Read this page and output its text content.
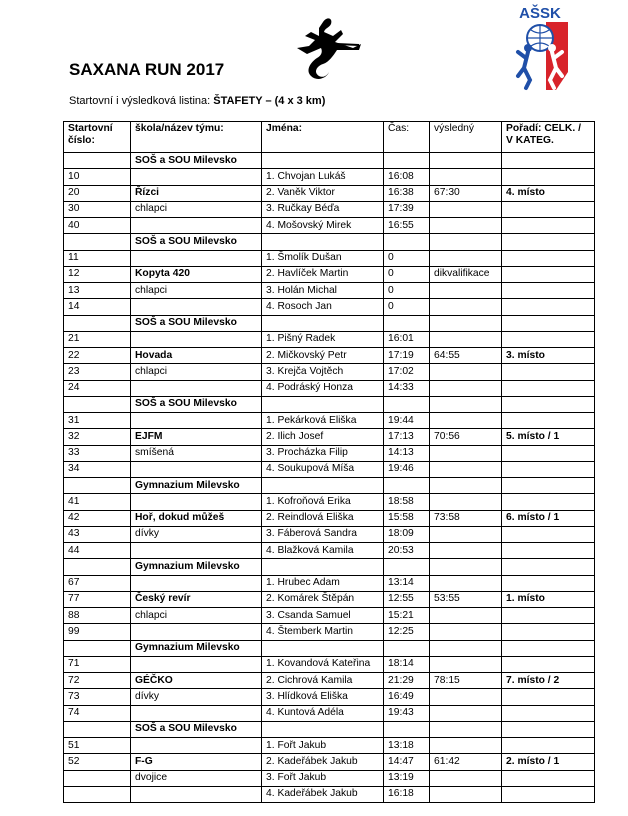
SAXANA RUN 2017
Startovní i výsledková listina: ŠTAFETY – (4 x 3 km)
AŠSK
Startovní číslo:	škola/název týmu:	Jména:	Čas:	výsledný	Pořadí: CELK. / V KATEG.

	SOŠ a SOU Milevsko				
10		1. Chvojan Lukáš	16:08		
20	Řízci	2. Vaněk Viktor	16:38	67:30	4. místo
30	chlapci	3. Ručkay Béďa	17:39		
40		4. Mošovský Mirek	16:55		
	SOŠ a SOU Milevsko				
11		1. Šmolík Dušan	0		
12	Kopyta 420	2. Havlíček Martin	0	dikvalifikace	
13	chlapci	3. Holán Michal	0		
14		4. Rosoch Jan	0		
	SOŠ a SOU Milevsko				
21		1. Pišný Radek	16:01		
22	Hovada	2. Mičkovský Petr	17:19	64:55	3. místo
23	chlapci	3. Krejča Vojtěch	17:02		
24		4. Podráský Honza	14:33		
	SOŠ a SOU Milevsko				
31		1. Pekárková Eliška	19:44		
32	EJFM	2. Ilich Josef	17:13	70:56	5. místo / 1
33	smíšená	3. Procházka Filip	14:13		
34		4. Soukupová Míša	19:46		
	Gymnazium Milevsko				
41		1. Kofroňová Erika	18:58		
42	Hoř, dokud můžeš	2. Reindlová Eliška	15:58	73:58	6. místo / 1
43	dívky	3. Fáberová Sandra	18:09		
44		4. Blažková Kamila	20:53		
	Gymnazium Milevsko				
67		1. Hrubec Adam	13:14		
77	Český revír	2. Komárek Štěpán	12:55	53:55	1. místo
88	chlapci	3. Csanda Samuel	15:21		
99		4. Štemberk Martin	12:25		
	Gymnazium Milevsko				
71		1. Kovandová Kateřina	18:14		
72	GÉČKO	2. Cichrová Kamila	21:29	78:15	7. místo / 2
73	dívky	3. Hlídková Eliška	16:49		
74		4. Kuntová Adéla	19:43		
	SOŠ a SOU Milevsko				
51		1. Fořt Jakub	13:18		
52	F-G	2. Kadeřábek Jakub	14:47	61:42	2. místo / 1
	dvojice	3. Fořt Jakub	13:19		
		4. Kadeřábek Jakub	16:18		
